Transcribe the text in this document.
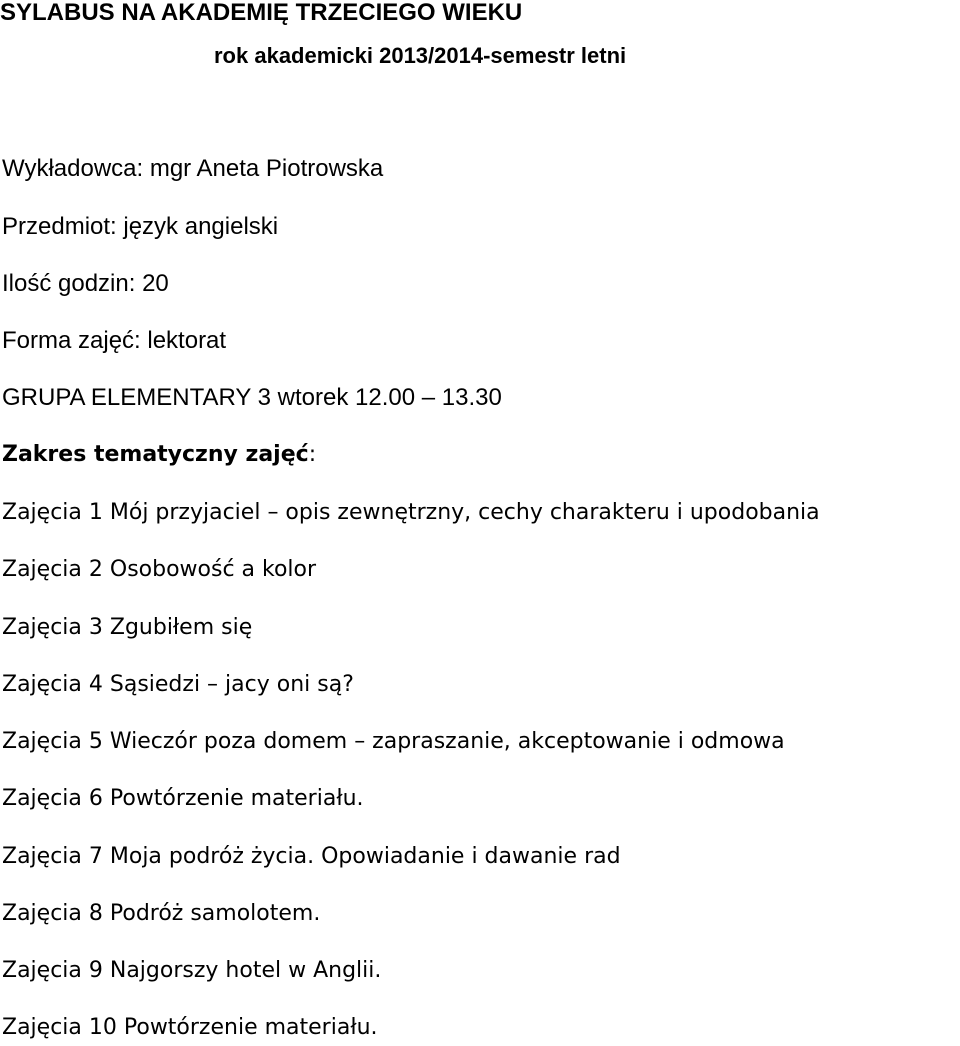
SYLABUS NA AKADEMIĘ TRZECIEGO WIEKU
rok akademicki 2013/2014-semestr letni
Wykładowca: mgr Aneta Piotrowska
Przedmiot: język angielski
Ilość godzin: 20
Forma zajęć: lektorat
GRUPA ELEMENTARY 3 wtorek 12.00 – 13.30
Zakres tematyczny zajęć:
Zajęcia 1 Mój przyjaciel – opis zewnętrzny, cechy charakteru i upodobania
Zajęcia 2 Osobowość a kolor
Zajęcia 3 Zgubiłem się
Zajęcia 4 Sąsiedzi – jacy oni są?
Zajęcia 5 Wieczór poza domem – zapraszanie, akceptowanie i odmowa
Zajęcia 6 Powtórzenie materiału.
Zajęcia 7 Moja podróż życia. Opowiadanie i dawanie rad
Zajęcia 8 Podróż samolotem.
Zajęcia 9 Najgorszy hotel w Anglii.
Zajęcia 10 Powtórzenie materiału.
